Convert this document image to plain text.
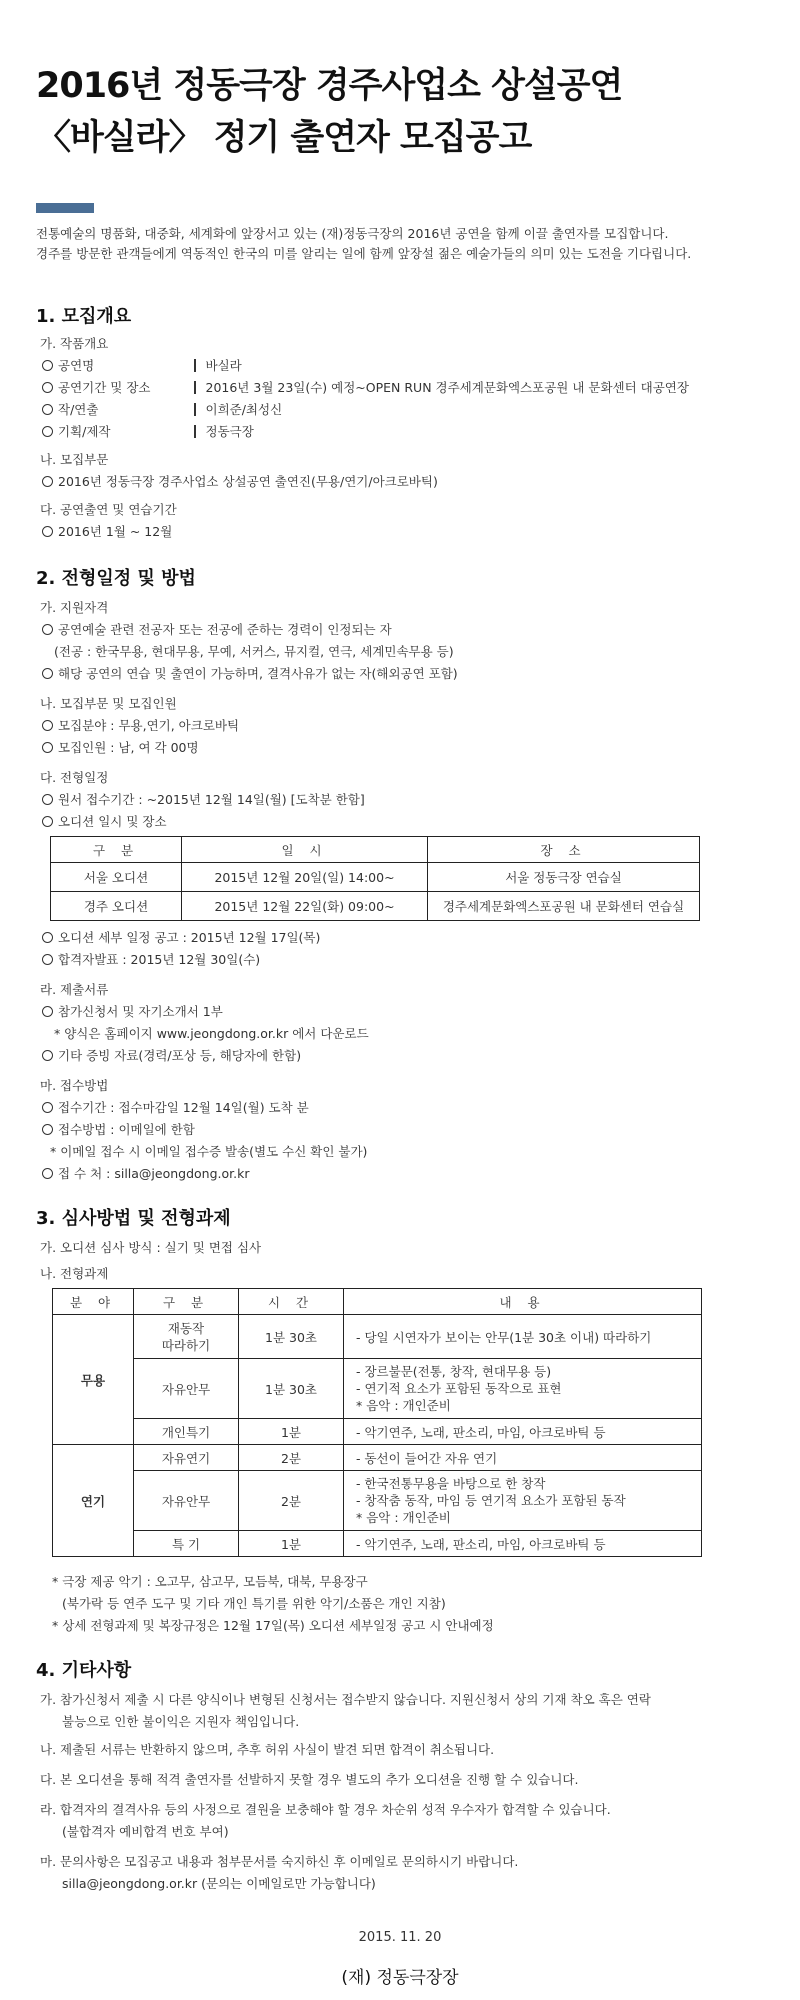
2016년 정동극장 경주사업소 상설공연
〈바실라〉 정기 출연자 모집공고
전통예술의 명품화, 대중화, 세계화에 앞장서고 있는 (재)정동극장의 2016년 공연을 함께 이끌 출연자를 모집합니다.
경주를 방문한 관객들에게 역동적인 한국의 미를 알리는 일에 함께 앞장설 젊은 예술가들의 의미 있는 도전을 기다립니다.
1. 모집개요
가. 작품개요
공연명	바실라
공연기간 및 장소	2016년 3월 23일(수) 예정~OPEN RUN 경주세계문화엑스포공원 내 문화센터 대공연장
작/연출	이희준/최성신
기획/제작	정동극장
나. 모집부문
2016년 정동극장 경주사업소 상설공연 출연진(무용/연기/아크로바틱)
다. 공연출연 및 연습기간
2016년 1월 ~ 12월
2. 전형일정 및 방법
가. 지원자격
공연예술 관련 전공자 또는 전공에 준하는 경력이 인정되는 자
(전공 : 한국무용, 현대무용, 무예, 서커스, 뮤지컬, 연극, 세계민속무용 등)
해당 공연의 연습 및 출연이 가능하며, 결격사유가 없는 자(해외공연 포함)
나. 모집부문 및 모집인원
모집분야 : 무용,연기, 아크로바틱
모집인원 : 남, 여 각 00명
다. 전형일정
원서 접수기간 : ~2015년 12월 14일(월) [도착분 한함]
오디션 일시 및 장소
구 분	일 시	장 소
서울 오디션	2015년 12월 20일(일) 14:00~	서울 정동극장 연습실
경주 오디션	2015년 12월 22일(화) 09:00~	경주세계문화엑스포공원 내 문화센터 연습실
오디션 세부 일정 공고 : 2015년 12월 17일(목)
합격자발표 : 2015년 12월 30일(수)
라. 제출서류
참가신청서 및 자기소개서 1부
* 양식은 홈페이지 www.jeongdong.or.kr 에서 다운로드
기타 증빙 자료(경력/포상 등, 해당자에 한함)
마. 접수방법
접수기간 : 접수마감일 12월 14일(월) 도착 분
접수방법 : 이메일에 한함
* 이메일 접수 시 이메일 접수증 발송(별도 수신 확인 불가)
접 수 처 : silla@jeongdong.or.kr
3. 심사방법 및 전형과제
가. 오디션 심사 방식 : 실기 및 면접 심사
나. 전형과제
분 야	구 분	시 간	내 용
무용	재동작
따라하기	1분 30초	- 당일 시연자가 보이는 안무(1분 30초 이내) 따라하기
	자유안무	1분 30초	- 장르불문(전통, 창작, 현대무용 등)
- 연기적 요소가 포함된 동작으로 표현
* 음악 : 개인준비

	개인특기	1분	- 악기연주, 노래, 판소리, 마임, 아크로바틱 등
연기	자유연기	2분	- 동선이 들어간 자유 연기
	자유안무	2분	- 한국전통무용을 바탕으로 한 창작
- 창작춤 동작, 마임 등 연기적 요소가 포함된 동작
* 음악 : 개인준비

	특 기	1분	- 악기연주, 노래, 판소리, 마임, 아크로바틱 등
* 극장 제공 악기 : 오고무, 삼고무, 모듬북, 대북, 무용장구
(북가락 등 연주 도구 및 기타 개인 특기를 위한 악기/소품은 개인 지참)
* 상세 전형과제 및 복장규정은 12월 17일(목) 오디션 세부일정 공고 시 안내예정
4. 기타사항
가. 참가신청서 제출 시 다른 양식이나 변형된 신청서는 접수받지 않습니다. 지원신청서 상의 기재 착오 혹은 연락
불능으로 인한 불이익은 지원자 책임입니다.
나. 제출된 서류는 반환하지 않으며, 추후 허위 사실이 발견 되면 합격이 취소됩니다.
다. 본 오디션을 통해 적격 출연자를 선발하지 못할 경우 별도의 추가 오디션을 진행 할 수 있습니다.
라. 합격자의 결격사유 등의 사정으로 결원을 보충해야 할 경우 차순위 성적 우수자가 합격할 수 있습니다.
(불합격자 예비합격 번호 부여)
마. 문의사항은 모집공고 내용과 첨부문서를 숙지하신 후 이메일로 문의하시기 바랍니다.
silla@jeongdong.or.kr (문의는 이메일로만 가능합니다)
2015. 11. 20
(재) 정동극장장
